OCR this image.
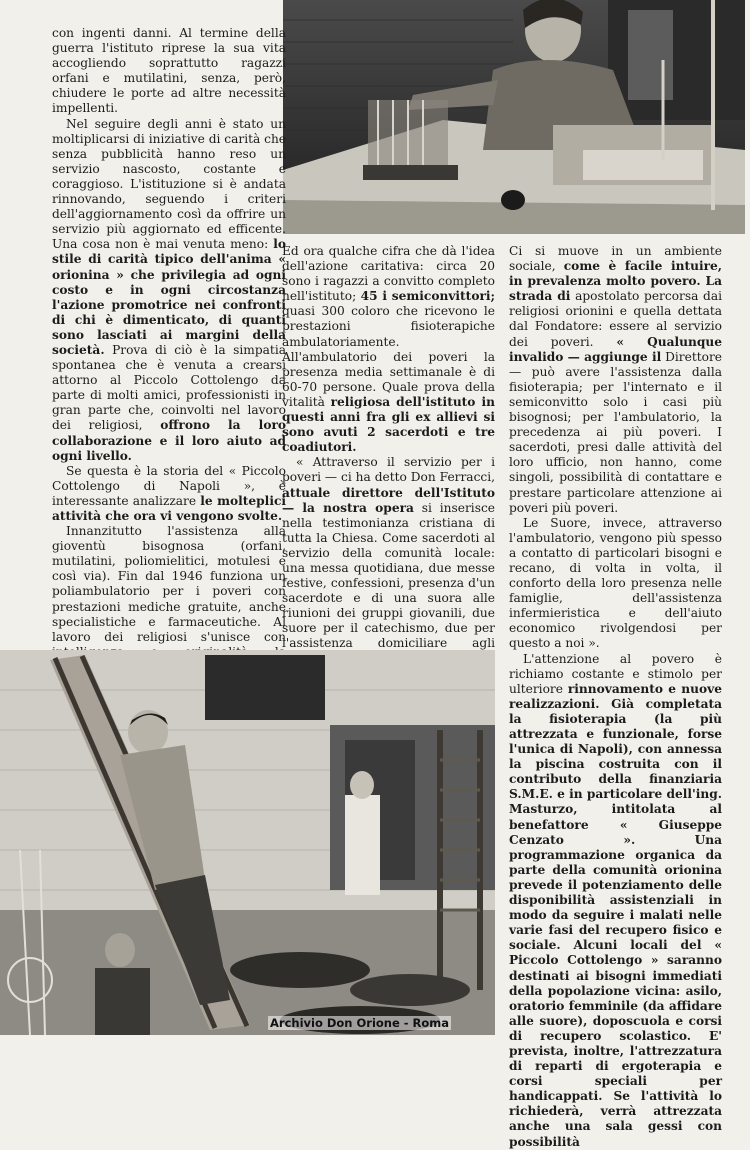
con ingenti danni. Al termine della guerra l'istituto riprese la sua vita accogliendo soprattutto ragazzi orfani e mutilatini, senza, però, chiudere le porte ad altre necessità impellenti.

Nel seguire degli anni è stato un moltiplicarsi di iniziative di carità che senza pubblicità hanno reso un servizio nascosto, costante e coraggioso. L'istituzione si è andata rinnovando, seguendo i criteri dell'aggiornamento così da offrire un servizio più aggiornato ed efficente. Una cosa non è mai venuta meno: lo stile di carità tipico dell'anima « orionina » che privilegia ad ogni costo e in ogni circostanza l'azione promotrice nei confronti di chi è dimenticato, di quanti sono lasciati ai margini della società. Prova di ciò è la simpatia spontanea che è venuta a crearsi attorno al Piccolo Cottolengo da parte di molti amici, professionisti in gran parte che, coinvolti nel lavoro dei religiosi, offrono la loro collaborazione e il loro aiuto ad ogni livello.

Se questa è la storia del « Piccolo Cottolengo di Napoli », è interessante analizzare le molteplici attività che ora vi vengono svolte.

Innanzitutto l'assistenza alla gioventù bisognosa (orfani, mutilatini, poliomielitici, motulesi e così via). Fin dal 1946 funziona un poliambulatorio per i poveri con prestazioni mediche gratuite, anche specialistiche e farmaceutiche. Al lavoro dei religiosi s'unisce con

Ed ora qualche cifra che dà l'idea dell'azione caritativa: circa 20 sono i ragazzi a convitto completo nell'istituto; 45 i semiconvittori; quasi 300 coloro che ricevono le prestazioni fisioterapiche ambulatoriamente. All'ambulatorio dei poveri la presenza media settimanale è di 60-70 persone. Quale prova della vitalità religiosa dell'istituto in questi anni fra gli ex allievi si sono avuti 2 sacerdoti e tre coadiutori.

« Attraverso il servizio per i poveri — ci ha detto Don Ferracci, attuale direttore dell'Istituto — la nostra opera si inserisce nella testimonianza cristiana di tutta la Chiesa. Come sacerdoti al servizio della comunità locale: una messa quotidiana, due messe festive, confessioni, presenza d'un sacerdote e di una suora alle riunioni dei gruppi giovanili, due suore per il catechismo, due per l'assistenza domiciliare agli

Ci si muove in un ambiente sociale, come è facile intuire, in prevalenza molto povero. La strada di apostolato percorsa dai religiosi orionini e quella dettata dal Fondatore: essere al servizio dei poveri. « Qualunque invalido — aggiunge il Direttore — può avere l'assistenza dalla fisioterapia; per l'internato e il semiconvitto solo i casi più bisognosi; per l'ambulatorio, la precedenza ai più poveri. I sacerdoti, presi dalle attività del loro ufficio, non hanno, come singoli, possibilità di contattare e prestare particolare attenzione ai poveri più poveri.

Le Suore, invece, attraverso l'ambulatorio, vengono più spesso a contatto di particolari bisogni e recano, di volta in volta, il conforto della loro presenza nelle famiglie, dell'assistenza infermieristica e dell'aiuto economico rivolgendosi per questo a noi ».

L'attenzione al povero è richiamo costante e stimolo per ulteriore rinnovamento e nuove realizzazioni. Già completata la fisioterapia (la più attrezzata e funzionale, forse l'unica di Napoli), con annessa la piscina costruita con il contributo della finanziaria S.M.E. e in particolare dell'ing. Masturzo, intitolata al benefattore « Giuseppe Cenzato ». Una programmazione organica da parte della comunità orionina prevede il potenziamento delle disponibilità assistenziali in modo da seguire i malati nelle varie fasi del recupero fisico e sociale. Alcuni locali del « Piccolo Cottolengo » saranno destinati ai bisogni immediati della popolazione vicina: asilo, oratorio femminile (da affidare alle suore), doposcuola e corsi di recupero scolastico. E' prevista, inoltre, l'attrezzatura di reparti di ergoterapia e corsi speciali per handicappati. Se l'attività lo richiederà, verrà attrezzata anche una sala gessi con possibilità

Archivio Don Orione - Roma
